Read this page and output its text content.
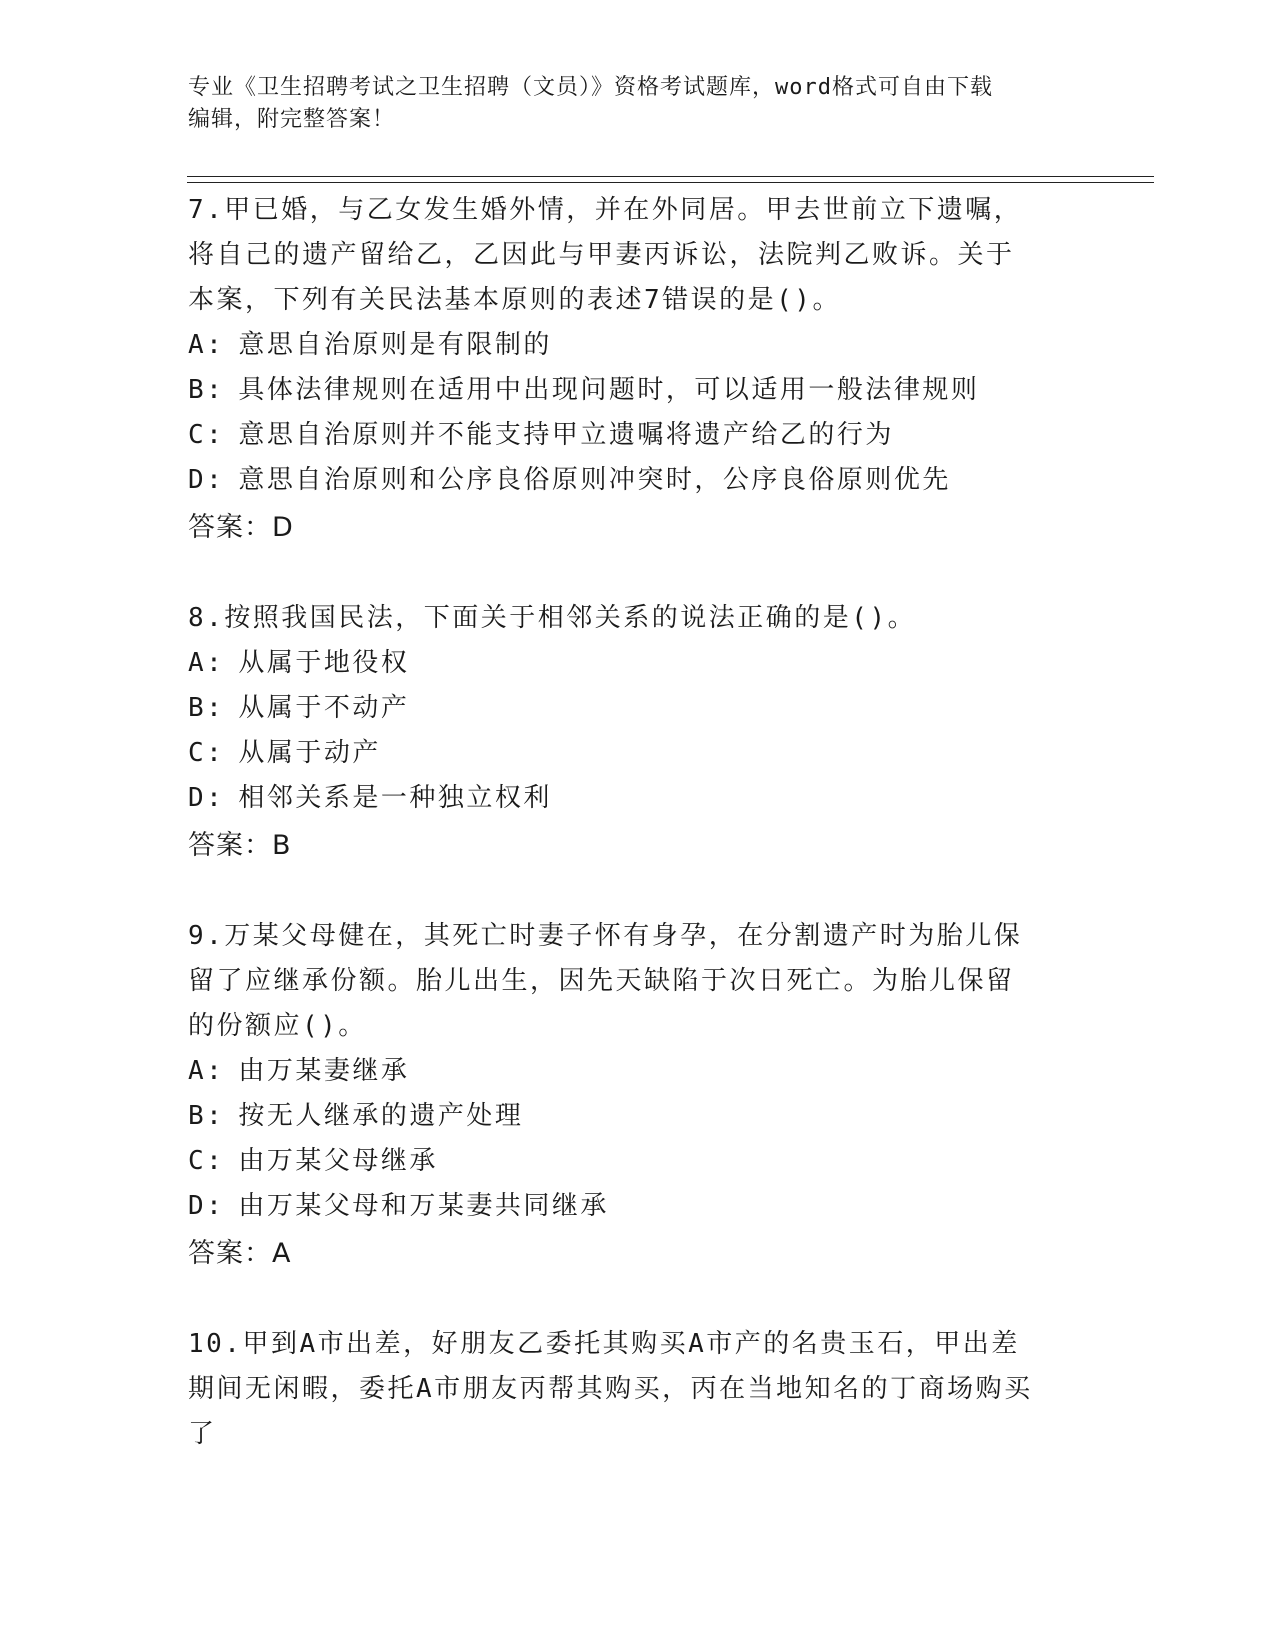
专业《卫生招聘考试之卫生招聘（文员）》资格考试题库，word格式可自由下载
编辑，附完整答案！
7.甲已婚，与乙女发生婚外情，并在外同居。甲去世前立下遗嘱，将自己的遗产留给乙，乙因此与甲妻丙诉讼，法院判乙败诉。关于本案，下列有关民法基本原则的表述7错误的是()。
A: 意思自治原则是有限制的
B: 具体法律规则在适用中出现问题时，可以适用一般法律规则
C: 意思自治原则并不能支持甲立遗嘱将遗产给乙的行为
D: 意思自治原则和公序良俗原则冲突时，公序良俗原则优先
答案：D
8.按照我国民法，下面关于相邻关系的说法正确的是()。
A: 从属于地役权
B: 从属于不动产
C: 从属于动产
D: 相邻关系是一种独立权利
答案：B
9.万某父母健在，其死亡时妻子怀有身孕，在分割遗产时为胎儿保留了应继承份额。胎儿出生，因先天缺陷于次日死亡。为胎儿保留的份额应()。
A: 由万某妻继承
B: 按无人继承的遗产处理
C: 由万某父母继承
D: 由万某父母和万某妻共同继承
答案：A
10.甲到A市出差，好朋友乙委托其购买A市产的名贵玉石，甲出差期间无闲暇，委托A市朋友丙帮其购买，丙在当地知名的丁商场购买了
